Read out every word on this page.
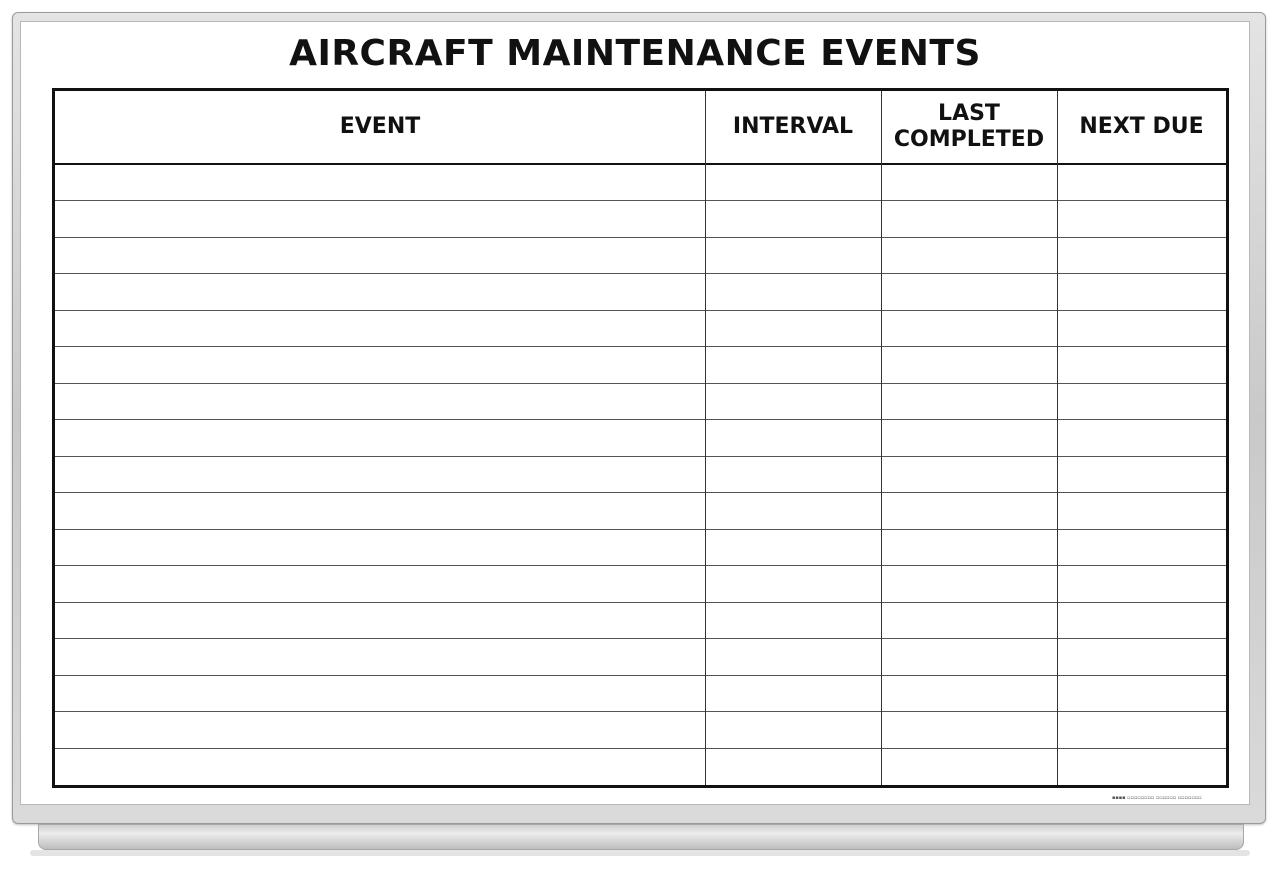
AIRCRAFT MAINTENANCE EVENTS
EVENT	INTERVAL
LAST COMPLETED
NEXT DUE
▪▪▪▪ ▫▫▫▫▫▫▫▫ ▫▫▫▫▫▫ ▫▫▫▫▫▫▫
